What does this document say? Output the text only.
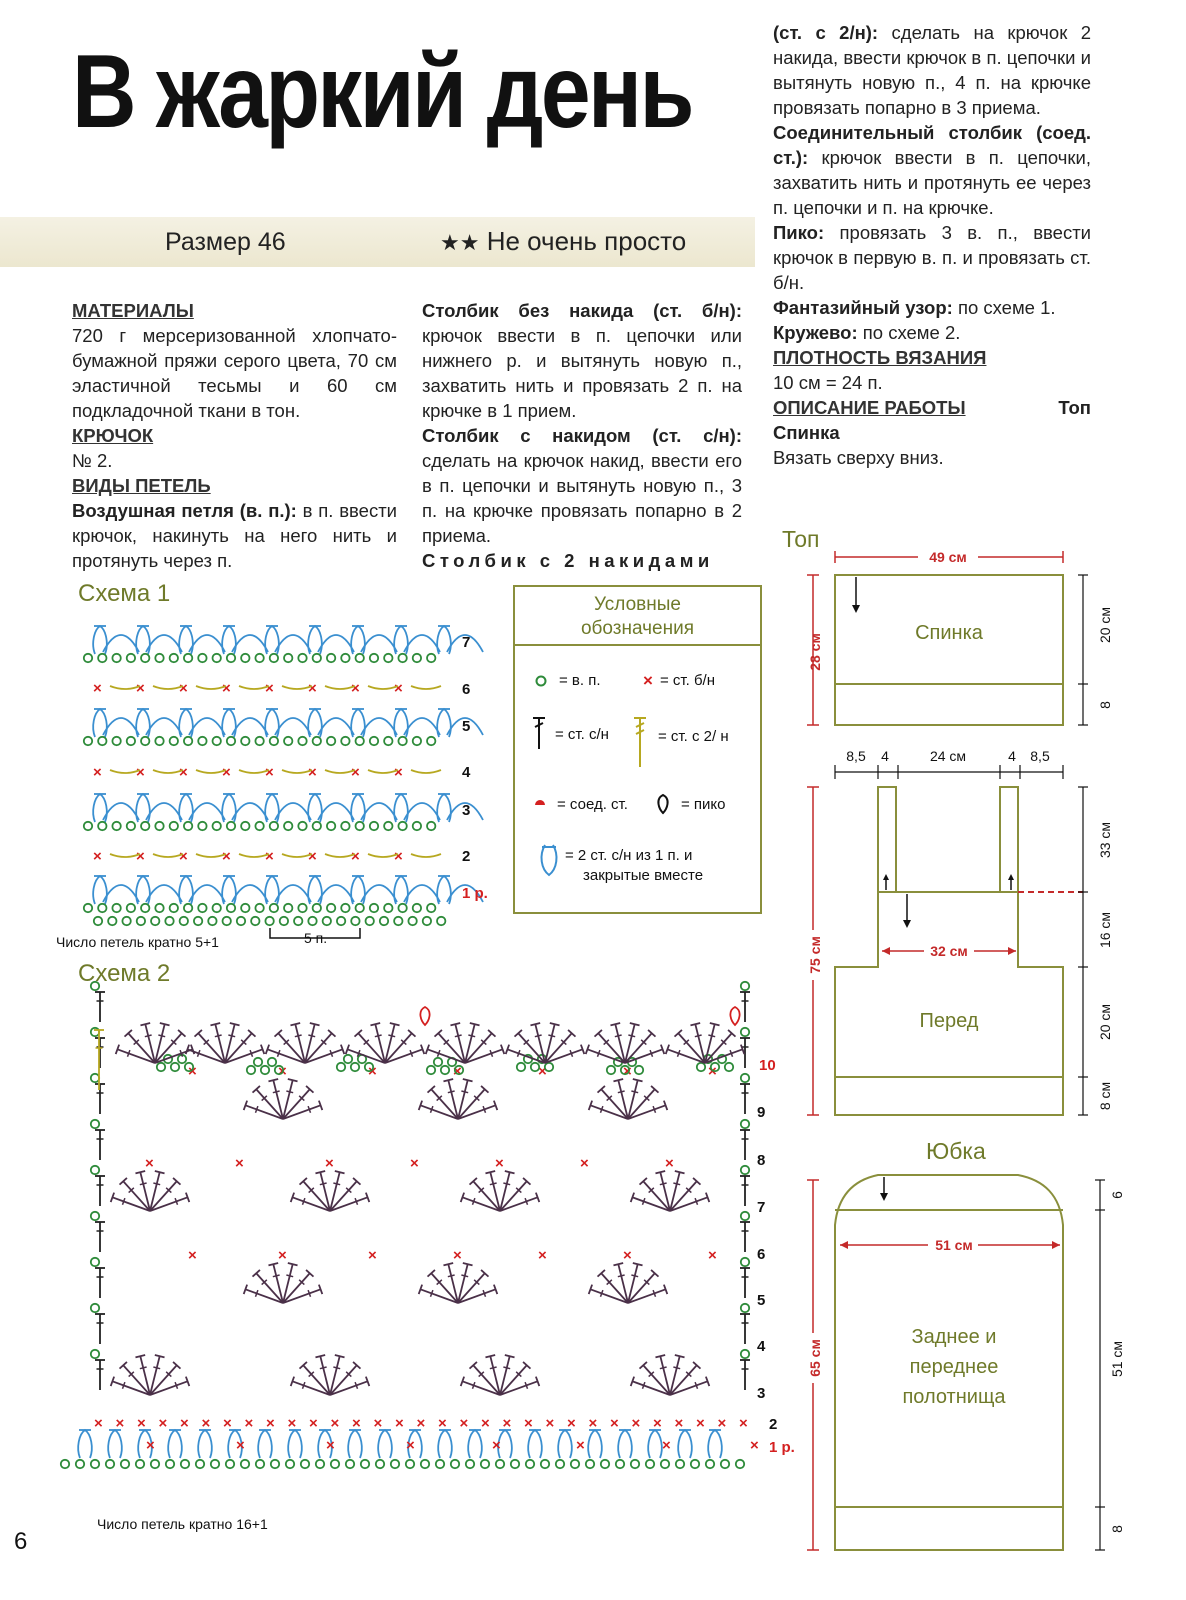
В жаркий день
Размер 46	★★ Не очень просто
МАТЕРИАЛЫ

720 г мерсеризованной хлопчато-бумажной пряжи серого цвета, 70 см эластичной тесьмы и 60 см подкладочной ткани в тон.

КРЮЧОК

№ 2.

ВИДЫ ПЕТЕЛЬ

Воздушная петля (в. п.): в п. ввести крючок, накинуть на него нить и протянуть через п.

Столбик без накида (ст. б/н): крючок ввести в п. цепочки или нижнего р. и вытянуть новую п., захватить нить и провязать 2 п. на крючке в 1 прием.

Столбик с накидом (ст. с/н): сделать на крючок накид, ввести его в п. цепочки и вытянуть новую п., 3 п. на крючке провязать попарно в 2 приема.

Столбик с 2 накидами

(ст. с 2/н): сделать на крючок 2 накида, ввести крючок в п. цепочки и вытянуть новую п., 4 п. на крючке провязать попарно в 3 приема.

Соединительный столбик (соед. ст.): крючок ввести в п. цепочки, захватить нить и протянуть ее через п. цепочки и п. на крючке.

Пико: провязать 3 в. п., ввести крючок в первую в. п. и провязать ст. б/н.

Фантазийный узор: по схеме 1.

Кружево: по схеме 2.

ПЛОТНОСТЬ ВЯЗАНИЯ

10 см = 24 п.

ОПИСАНИЕ РАБОТЫ	Топ

Спинка

Вязать сверху вниз.

Схема 1
× × × × × × × ×
× × × × × × × ×
× × × × × × × ×
7
6
5
4
3
2
1 р.
5 п.
Число петель кратно 5+1
Условные
обозначения
×
= в. п.	= ст. б/н
= ст. с/н	= ст. с 2/ н
= соед. ст.	= пико
= 2 ст. с/н из 1 п. и
закрытые вместе
Схема 2
× × × × × × × × × × × × × × × × × × × × × × × × × × × × × × ×
×	×	×	×	×	×	×	×
×	×	×	×	×	×	×
×	×	×	×	×	×	×
×	×	×	×	×	×	×	10
9
8
7
6
5
4
3
2
1 р.
Число петель кратно 16+1
Топ
49 см
28 см
20 см
8
Спинка
8,5 4	24 см	4 8,5
32 см
75 см
33 см
16 см
20 см
8 см
Перед
Юбка
51 см
65 см
6
51 см
8
Заднее и
переднее
полотнища
6
